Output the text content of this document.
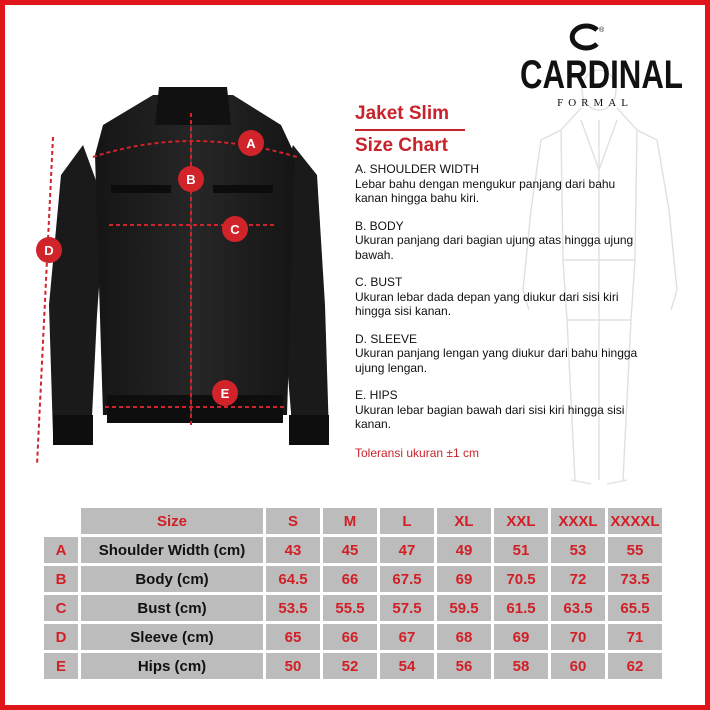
®
CARDINAL
FORMAL
A
B
C
D
E
Jaket Slim
Size Chart
A. SHOULDER WIDTH
Lebar bahu dengan mengukur panjang dari bahu kanan hingga bahu kiri.
B. BODY
Ukuran panjang dari bagian ujung atas hingga ujung bawah.
C. BUST
Ukuran lebar dada depan yang diukur dari sisi kiri hingga sisi kanan.
D. SLEEVE
Ukuran panjang lengan yang diukur dari bahu hingga ujung lengan.
E. HIPS
Ukuran lebar bagian bawah dari sisi kiri hingga sisi kanan.
Toleransi ukuran ±1 cm
	Size	S	M	L	XL	XXL	XXXL	XXXXL
A	Shoulder Width (cm)	43	45	47	49	51	53	55
B	Body (cm)	64.5	66	67.5	69	70.5	72	73.5
C	Bust (cm)	53.5	55.5	57.5	59.5	61.5	63.5	65.5
D	Sleeve (cm)	65	66	67	68	69	70	71
E	Hips (cm)	50	52	54	56	58	60	62
